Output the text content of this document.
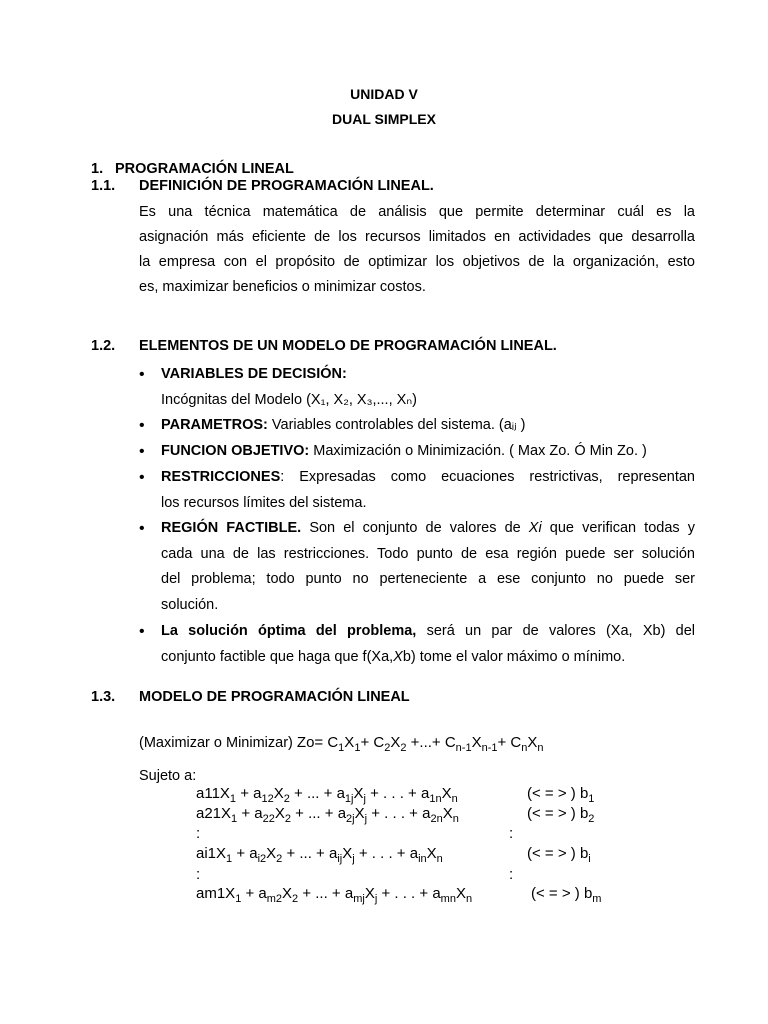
UNIDAD V
DUAL SIMPLEX
1. PROGRAMACIÓN LINEAL
1.1. DEFINICIÓN DE PROGRAMACIÓN LINEAL.
Es una técnica matemática de análisis que permite determinar cuál es la
asignación más eficiente de los recursos limitados en actividades que desarrolla
la empresa con el propósito de optimizar los objetivos de la organización, esto
es, maximizar beneficios o minimizar costos.
1.2. ELEMENTOS DE UN MODELO DE PROGRAMACIÓN LINEAL.
• VARIABLES DE DECISIÓN:
Incógnitas del Modelo (X₁, X₂, X₃,..., Xₙ)
• PARAMETROS: Variables controlables del sistema. (aᵢⱼ )
• FUNCION OBJETIVO: Maximización o Minimización. ( Max Zo. Ó Min Zo. )
• RESTRICCIONES: Expresadas como ecuaciones restrictivas, representan
los recursos límites del sistema.
• REGIÓN FACTIBLE. Son el conjunto de valores de Xi que verifican todas y
cada una de las restricciones. Todo punto de esa región puede ser solución
del problema; todo punto no perteneciente a ese conjunto no puede ser
solución.
• La solución óptima del problema, será un par de valores (Xa, Xb) del
conjunto factible que haga que f(Xa,Xb) tome el valor máximo o mínimo.
1.3. MODELO DE PROGRAMACIÓN LINEAL
(Maximizar o Minimizar) $Zo= C_1X_1+ C_2X_2$ +...+ $C_{n-1}X_{n-1}+ C_nX_n$
Sujeto a:
$a11X_1 + a_{12}X_2$ + ... + $a_{1j}X_j$ + . . . + $a_{1n}X_n$	(< = > ) $b_1$
$a21X_1 + a_{22}X_2$ + ... + $a_{2j}X_j$ + . . . + $a_{2n}X_n$	(< = > ) $b_2$
:	:
$ai1X_1 + a_{i2}X_2$ + ... + $a_{ij}X_j$ + . . . + $a_{in}X_n$	(< = > ) $b_i$
:	:
$am1X_1 + a_{m2}X_2$ + ... + $a_{mj}X_j$ + . . . + $a_{mn}X_n$	(< = > ) $b_m$
